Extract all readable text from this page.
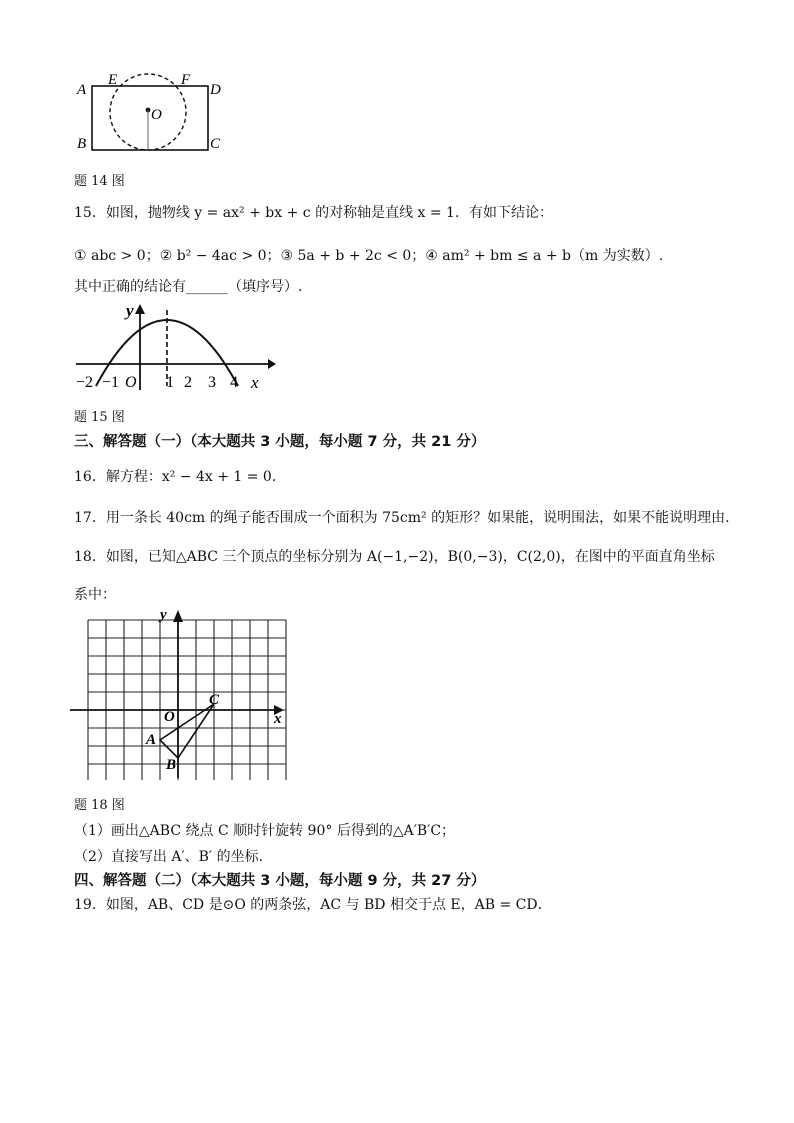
A
E	F
D
O
B	C
题 14 图
15．如图，抛物线 y = ax² + bx + c 的对称轴是直线 x = 1．有如下结论：
① abc > 0；② b² − 4ac > 0；③ 5a + b + 2c < 0；④ am² + bm ≤ a + b（m 为实数）.
其中正确的结论有______（填序号）.
y
x
−2 −1 O 1 2 3 4
题 15 图
三、解答题（一）（本大题共 3 小题，每小题 7 分，共 21 分）
16．解方程：x² − 4x + 1 = 0．
17．用一条长 40cm 的绳子能否围成一个面积为 75cm² 的矩形？如果能，说明围法，如果不能说明理由.
18．如图，已知△ABC 三个顶点的坐标分别为 A(−1,−2)，B(0,−3)，C(2,0)，在图中的平面直角坐标
系中：
y
x
O
A
B
C
题 18 图
（1）画出△ABC 绕点 C 顺时针旋转 90° 后得到的△A′B′C；
（2）直接写出 A′、B′ 的坐标.
四、解答题（二）（本大题共 3 小题，每小题 9 分，共 27 分）
19．如图，AB、CD 是⊙O 的两条弦，AC 与 BD 相交于点 E，AB = CD．
